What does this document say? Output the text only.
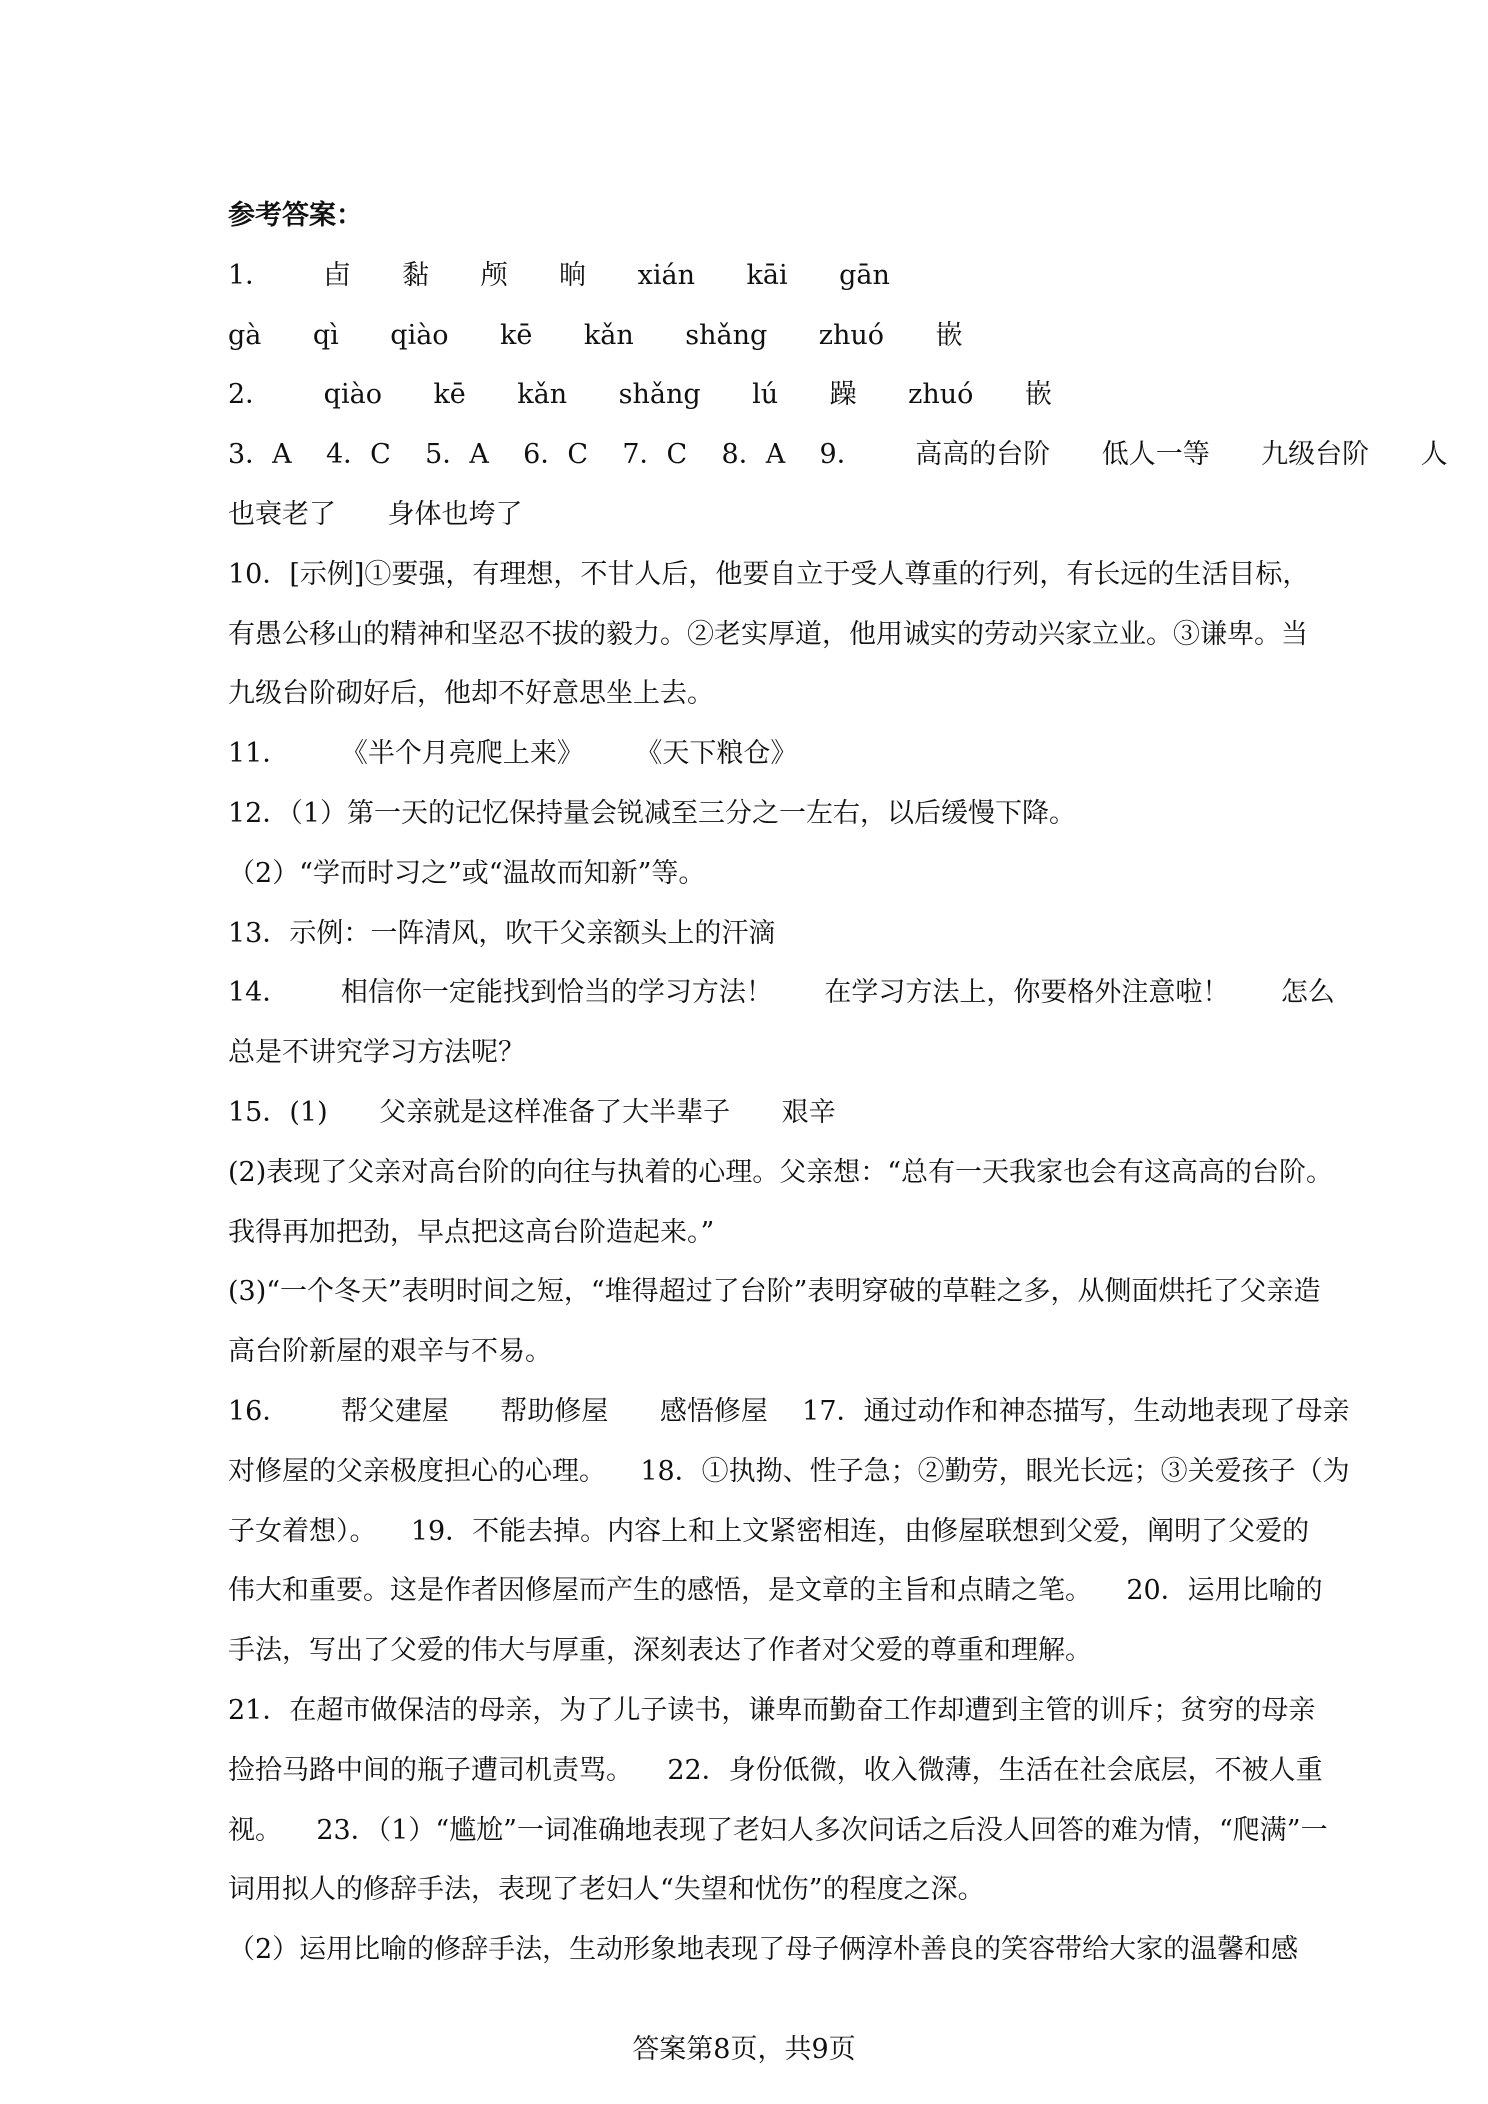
参考答案：
1．      卣      黏      颅      晌      xián      kāi      gān
gà      qì      qiào      kē      kǎn      shǎng      zhuó      嵌
2．      qiào      kē      kǎn      shǎng      lú      躁      zhuó      嵌
3．A    4．C    5．A    6．C    7．C    8．A    9．      高高的台阶      低人一等      九级台阶      人
也衰老了      身体也垮了
10．[示例]①要强，有理想，不甘人后，他要自立于受人尊重的行列，有长远的生活目标，
有愚公移山的精神和坚忍不拔的毅力。②老实厚道，他用诚实的劳动兴家立业。③谦卑。当
九级台阶砌好后，他却不好意思坐上去。
11．      《半个月亮爬上来》      《天下粮仓》
12．（1）第一天的记忆保持量会锐减至三分之一左右，以后缓慢下降。
（2）“学而时习之”或“温故而知新”等。
13．示例：一阵清风，吹干父亲额头上的汗滴
14．      相信你一定能找到恰当的学习方法！      在学习方法上，你要格外注意啦！      怎么
总是不讲究学习方法呢？
15．(1)      父亲就是这样准备了大半辈子      艰辛
(2)表现了父亲对高台阶的向往与执着的心理。父亲想：“总有一天我家也会有这高高的台阶。
我得再加把劲，早点把这高台阶造起来。”
(3)“一个冬天”表明时间之短，“堆得超过了台阶”表明穿破的草鞋之多，从侧面烘托了父亲造
高台阶新屋的艰辛与不易。
16．      帮父建屋      帮助修屋      感悟修屋    17．通过动作和神态描写，生动地表现了母亲
对修屋的父亲极度担心的心理。    18．①执拗、性子急；②勤劳，眼光长远；③关爱孩子（为
子女着想）。    19．不能去掉。内容上和上文紧密相连，由修屋联想到父爱，阐明了父爱的
伟大和重要。这是作者因修屋而产生的感悟，是文章的主旨和点睛之笔。    20．运用比喻的
手法，写出了父爱的伟大与厚重，深刻表达了作者对父爱的尊重和理解。
21．在超市做保洁的母亲，为了儿子读书，谦卑而勤奋工作却遭到主管的训斥；贫穷的母亲
捡拾马路中间的瓶子遭司机责骂。    22．身份低微，收入微薄，生活在社会底层，不被人重
视。    23．（1）“尴尬”一词准确地表现了老妇人多次问话之后没人回答的难为情，“爬满”一
词用拟人的修辞手法，表现了老妇人“失望和忧伤”的程度之深。
（2）运用比喻的修辞手法，生动形象地表现了母子俩淳朴善良的笑容带给大家的温馨和感
答案第8页，共9页
